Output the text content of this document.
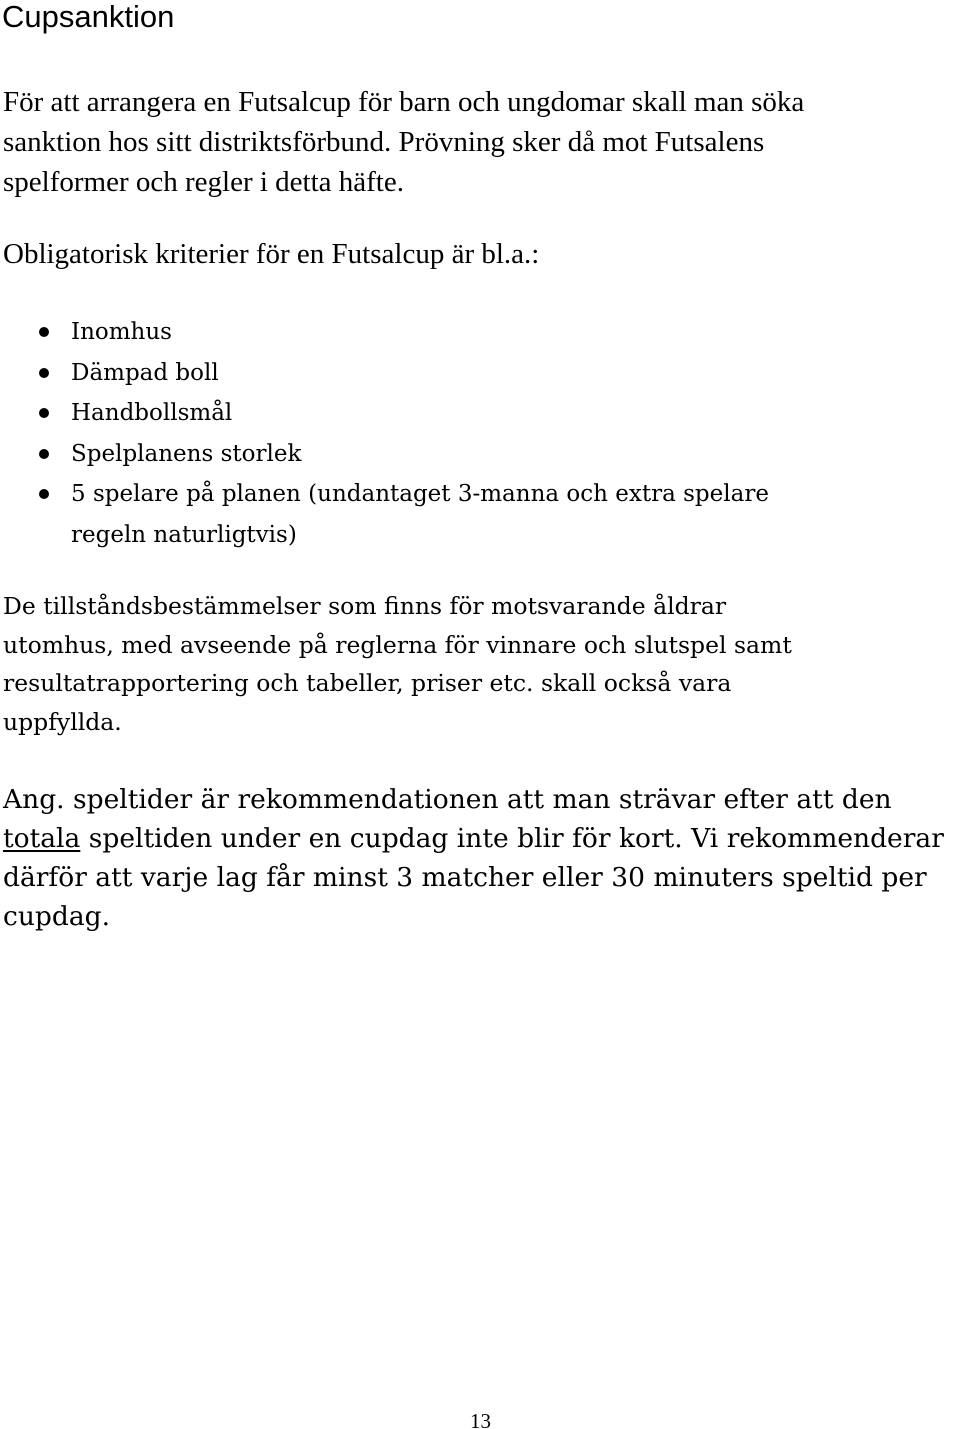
Cupsanktion
För att arrangera en Futsalcup för barn och ungdomar skall man söka
sanktion hos sitt distriktsförbund. Prövning sker då mot Futsalens
spelformer och regler i detta häfte.
Obligatorisk kriterier för en Futsalcup är bl.a.:
Inomhus
Dämpad boll
Handbollsmål
Spelplanens storlek
5 spelare på planen (undantaget 3-manna och extra spelare
regeln naturligtvis)
De tillståndsbestämmelser som finns för motsvarande åldrar
utomhus, med avseende på reglerna för vinnare och slutspel samt
resultatrapportering och tabeller, priser etc. skall också vara
uppfyllda.
Ang. speltider är rekommendationen att man strävar efter att den
totala speltiden under en cupdag inte blir för kort. Vi rekommenderar
därför att varje lag får minst 3 matcher eller 30 minuters speltid per
cupdag.
13
